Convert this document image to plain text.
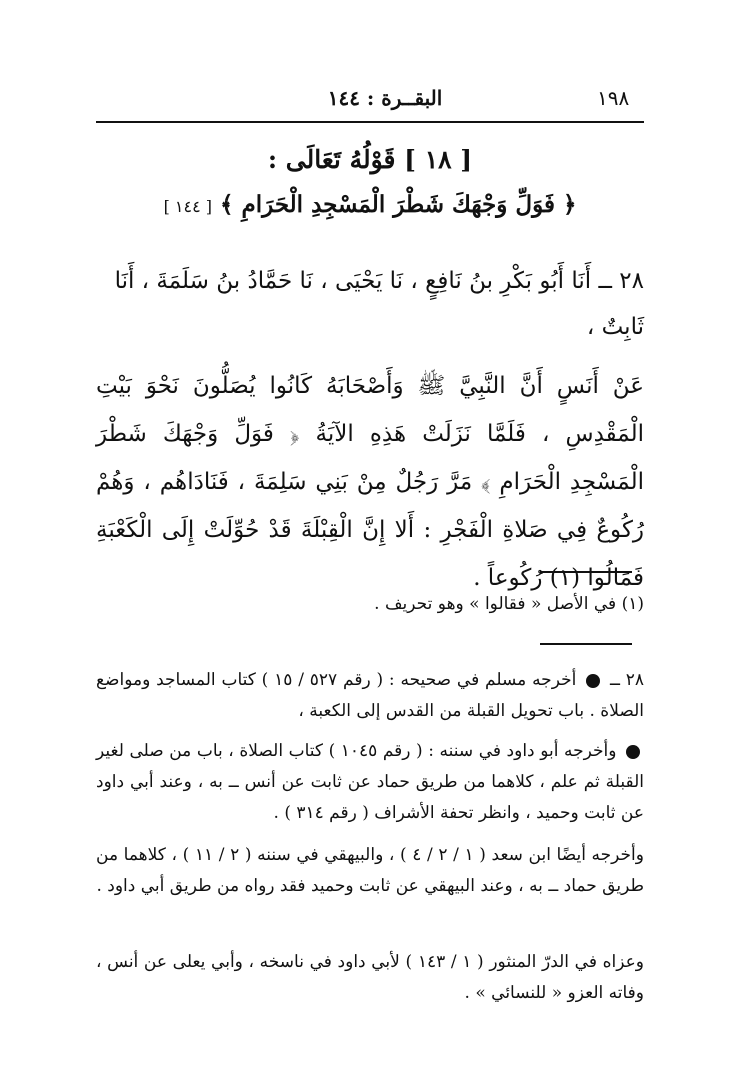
١٩٨
البقــرة : ١٤٤
[ ١٨ ] قَوْلُهُ تَعَالَى :
﴿ فَوَلِّ وَجْهَكَ شَطْرَ الْمَسْجِدِ الْحَرَامِ ﴾ [ ١٤٤ ]
٢٨ ــ أَنَا أَبُو بَكْرِ بنُ نَافِعٍ ، نَا يَحْيَى ، نَا حَمَّادُ بنُ سَلَمَةَ ، أَنَا ثَابِتٌ ،
عَنْ أَنَسٍ أَنَّ النَّبِيَّ ﷺ وَأَصْحَابَهُ كَانُوا يُصَلُّونَ نَحْوَ بَيْتِ الْمَقْدِسِ ، فَلَمَّا نَزَلَتْ هَذِهِ الآيَةُ ﴿ فَوَلِّ وَجْهَكَ شَطْرَ الْمَسْجِدِ الْحَرَامِ ﴾ مَرَّ رَجُلٌ مِنْ بَنِي سَلِمَةَ ، فَنَادَاهُم ، وَهُمْ رُكُوعٌ فِي صَلاةِ الْفَجْرِ : أَلا إِنَّ الْقِبْلَةَ قَدْ حُوِّلَتْ إِلَى الْكَعْبَةِ فَمَالُوا (١) رُكُوعاً .
(١) في الأصل « فقالوا » وهو تحريف .
٢٨ ــ  أخرجه مسلم في صحيحه : ( رقم ٥٢٧ / ١٥ ) كتاب المساجد ومواضع الصلاة . باب تحويل القبلة من القدس إلى الكعبة ،
وأخرجه أبو داود في سننه : ( رقم ١٠٤٥ ) كتاب الصلاة ، باب من صلى لغير القبلة ثم علم ، كلاهما من طريق حماد عن ثابت عن أنس ــ به ، وعند أبي داود عن ثابت وحميد ، وانظر تحفة الأشراف ( رقم ٣١٤ ) .
وأخرجه أيضًا ابن سعد ( ١ / ٢ / ٤ ) ، والبيهقي في سننه ( ٢ / ١١ ) ، كلاهما من طريق حماد ــ به ، وعند البيهقي عن ثابت وحميد فقد رواه من طريق أبي داود .
وعزاه في الدرّ المنثور ( ١ / ١٤٣ ) لأبي داود في ناسخه ، وأبي يعلى عن أنس ، وفاته العزو « للنسائي » .
